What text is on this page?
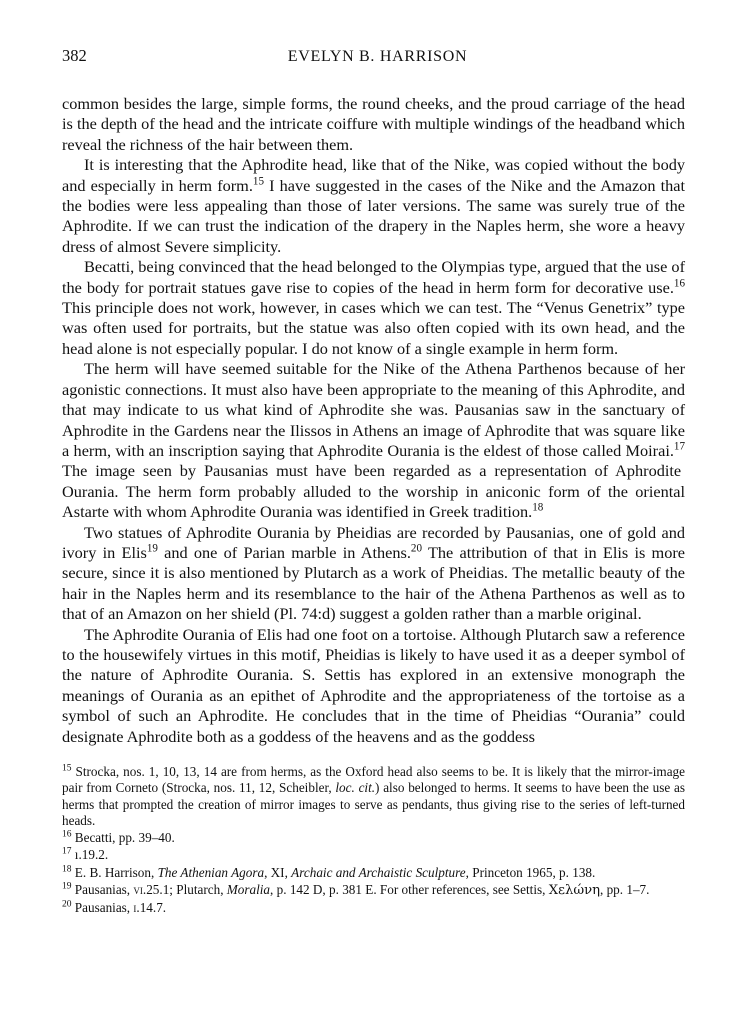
382	EVELYN B. HARRISON

common besides the large, simple forms, the round cheeks, and the proud carriage of the head is the depth of the head and the intricate coiffure with multiple windings of the headband which reveal the richness of the hair between them.

It is interesting that the Aphrodite head, like that of the Nike, was copied without the body and especially in herm form.$^{15}$ I have suggested in the cases of the Nike and the Amazon that the bodies were less appealing than those of later versions. The same was surely true of the Aphrodite. If we can trust the indication of the drapery in the Naples herm, she wore a heavy dress of almost Severe simplicity.

Becatti, being convinced that the head belonged to the Olympias type, argued that the use of the body for portrait statues gave rise to copies of the head in herm form for decorative use.$^{16}$ This principle does not work, however, in cases which we can test. The “Venus Genetrix” type was often used for portraits, but the statue was also often copied with its own head, and the head alone is not especially popular. I do not know of a single example in herm form.

The herm will have seemed suitable for the Nike of the Athena Parthenos because of her agonistic connections. It must also have been appropriate to the meaning of this Aphrodite, and that may indicate to us what kind of Aphrodite she was. Pausanias saw in the sanctuary of Aphrodite in the Gardens near the Ilissos in Athens an image of Aphrodite that was square like a herm, with an inscription saying that Aphrodite Ourania is the eldest of those called Moirai.$^{17}$ The image seen by Pausanias must have been regarded as a representation of Aphrodite Ourania. The herm form probably alluded to the worship in aniconic form of the oriental Astarte with whom Aphrodite Ourania was identified in Greek tradition.$^{18}$

Two statues of Aphrodite Ourania by Pheidias are recorded by Pausanias, one of gold and ivory in Elis$^{19}$ and one of Parian marble in Athens.$^{20}$ The attribution of that in Elis is more secure, since it is also mentioned by Plutarch as a work of Pheidias. The metallic beauty of the hair in the Naples herm and its resemblance to the hair of the Athena Parthenos as well as to that of an Amazon on her shield (Pl. 74:d) suggest a golden rather than a marble original.

The Aphrodite Ourania of Elis had one foot on a tortoise. Although Plutarch saw a reference to the housewifely virtues in this motif, Pheidias is likely to have used it as a deeper symbol of the nature of Aphrodite Ourania. S. Settis has explored in an extensive monograph the meanings of Ourania as an epithet of Aphrodite and the appropriateness of the tortoise as a symbol of such an Aphrodite. He concludes that in the time of Pheidias “Ourania” could designate Aphrodite both as a goddess of the heavens and as the goddess

$^{15}$ Strocka, nos. 1, 10, 13, 14 are from herms, as the Oxford head also seems to be. It is likely that the mirror-image pair from Corneto (Strocka, nos. 11, 12, Scheibler, loc. cit.) also belonged to herms. It seems to have been the use as herms that prompted the creation of mirror images to serve as pendants, thus giving rise to the series of left-turned heads.

$^{16}$ Becatti, pp. 39–40.

$^{17}$ ı.19.2.

$^{18}$ E. B. Harrison, The Athenian Agora, XI, Archaic and Archaistic Sculpture, Princeton 1965, p. 138.

$^{19}$ Pausanias, vi.25.1; Plutarch, Moralia, p. 142 D, p. 381 E. For other references, see Settis, Χελώνη, pp. 1–7.

$^{20}$ Pausanias, i.14.7.
